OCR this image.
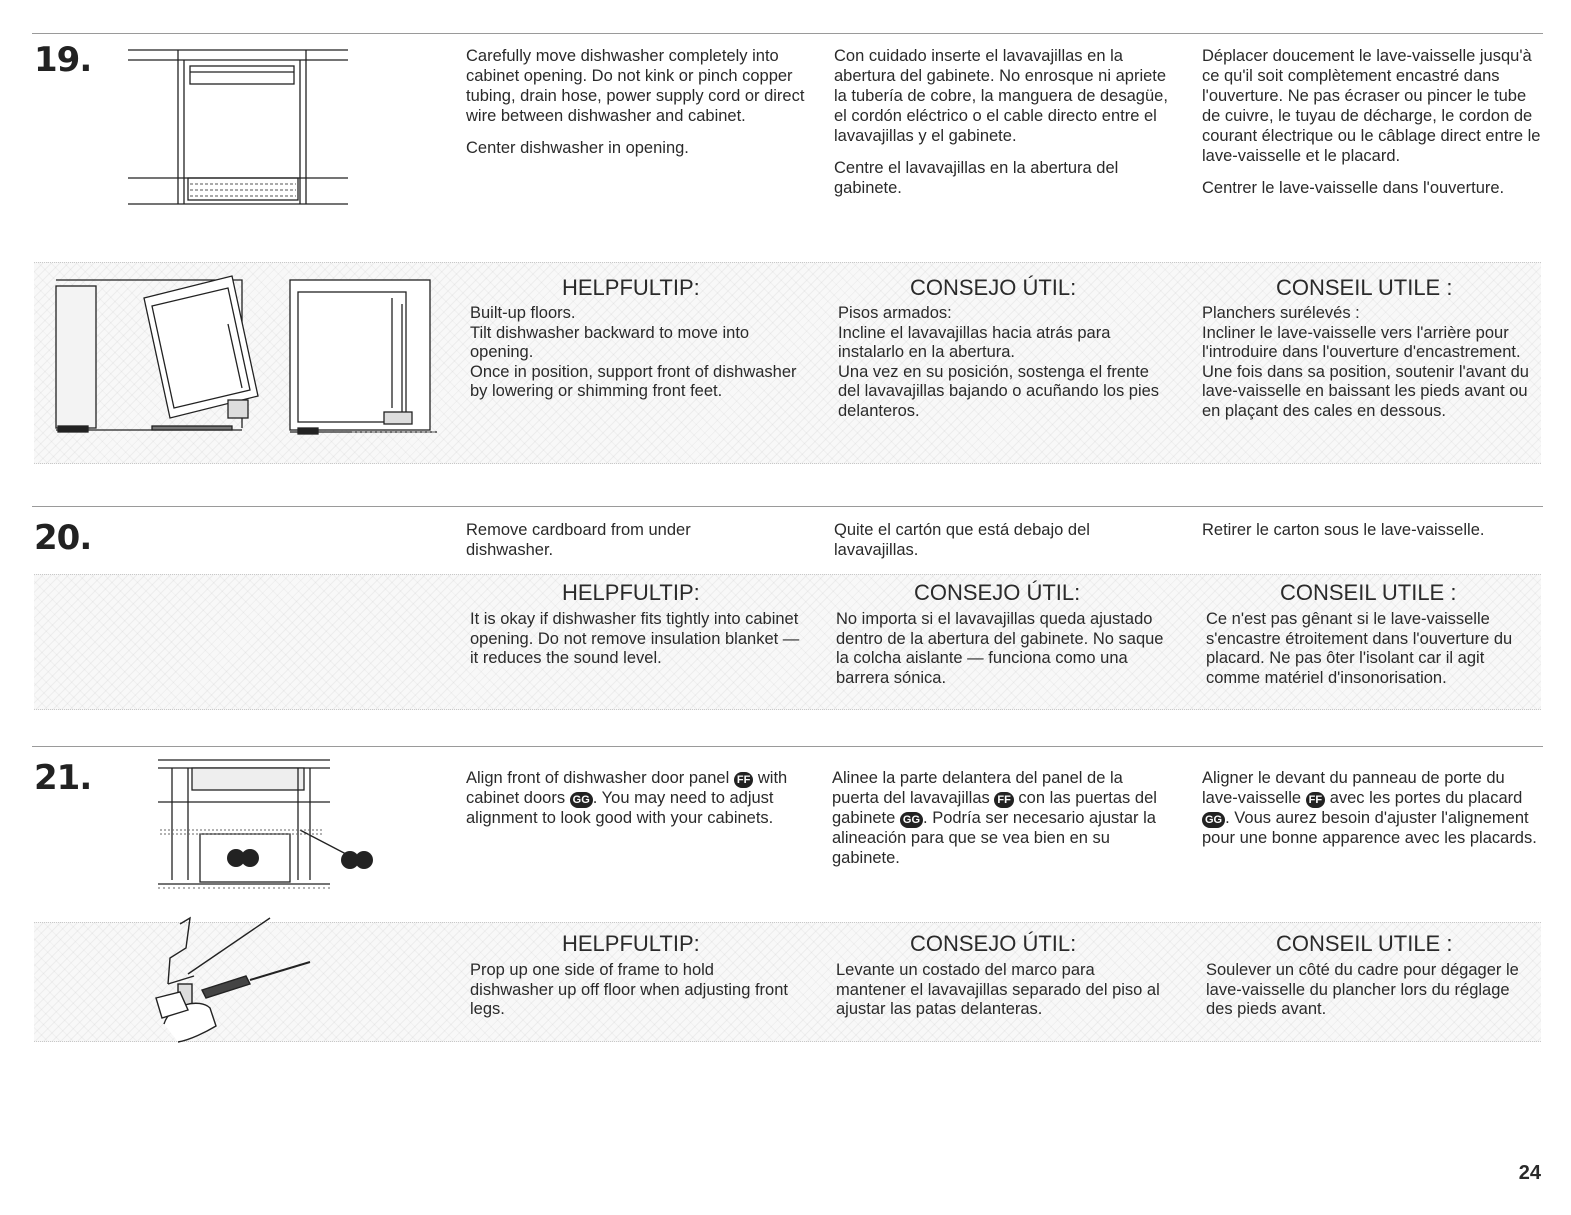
19.	Carefully move dishwasher completely into cabinet opening. Do not kink or pinch copper tubing, drain hose, power supply cord or direct wire between dishwasher and cabinet.

Center dishwasher in opening.

Con cuidado inserte el lavavajillas en la abertura del gabinete. No enrosque ni apriete la tubería de cobre, la manguera de desagüe, el cordón eléctrico o el cable directo entre el lavavajillas y el gabinete.

Centre el lavavajillas en la abertura del gabinete.

Déplacer doucement le lave-vaisselle jusqu'à ce qu'il soit complètement encastré dans l'ouverture. Ne pas écraser ou pincer le tube de cuivre, le tuyau de décharge, le cordon de courant électrique ou le câblage direct entre le lave-vaisselle et le placard.

Centrer le lave-vaisselle dans l'ouverture.

HELPFULTIP:
Built-up floors.
Tilt dishwasher backward to move into opening.
Once in position, support front of dishwasher by lowering or shimming front feet.
CONSEJO ÚTIL:
Pisos armados:
Incline el lavavajillas hacia atrás para instalarlo en la abertura.
Una vez en su posición, sostenga el frente del lavavajillas bajando o acuñando los pies delanteros.
CONSEIL UTILE :
Planchers surélevés :
Incliner le lave-vaisselle vers l'arrière pour l'introduire dans l'ouverture d'encastrement.
Une fois dans sa position, soutenir l'avant du lave-vaisselle en baissant les pieds avant ou en plaçant des cales en dessous.
20.	Remove cardboard from under dishwasher.
Quite el cartón que está debajo del lavavajillas.
Retirer le carton sous le lave-vaisselle.
HELPFULTIP:
It is okay if dishwasher fits tightly into cabinet opening. Do not remove insulation blanket —it reduces the sound level.
CONSEJO ÚTIL:
No importa si el lavavajillas queda ajustado dentro de la abertura del gabinete. No saque la colcha aislante — funciona como una barrera sónica.
CONSEIL UTILE :
Ce n'est pas gênant si le lave-vaisselle s'encastre étroitement dans l'ouverture du placard. Ne pas ôter l'isolant car il agit comme matériel d'insonorisation.
21.	Align front of dishwasher door panel FF with cabinet doors GG . You may need to adjust alignment to look good with your cabinets.
Alinee la parte delantera del panel de la puerta del lavavajillas FF con las puertas del gabinete GG . Podría ser necesario ajustar la alineación para que se vea bien en su gabinete.
Aligner le devant du panneau de porte du lave-vaisselle FF avec les portes du placard GG . Vous aurez besoin d'ajuster l'alignement pour une bonne apparence avec les placards.
HELPFULTIP:
Prop up one side of frame to hold dishwasher up off floor when adjusting front legs.
CONSEJO ÚTIL:
Levante un costado del marco para mantener el lavavajillas separado del piso al ajustar las patas delanteras.
CONSEIL UTILE :
Soulever un côté du cadre pour dégager le lave-vaisselle du plancher lors du réglage des pieds avant.
24
